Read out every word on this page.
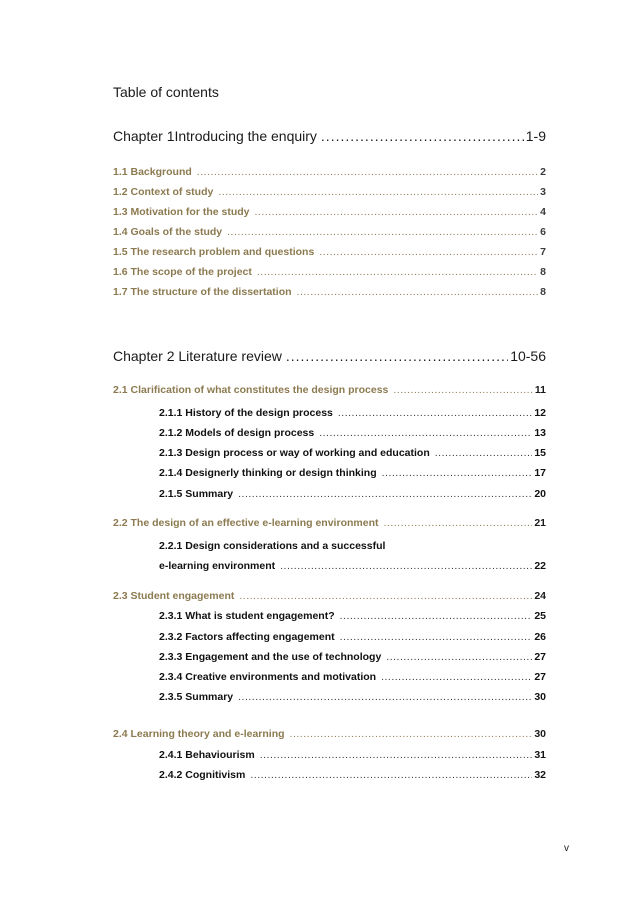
Table of contents
Chapter 1Introducing the enquiry .....	1-9
1.1 Background .....	2
1.2 Context of study .....	3
1.3 Motivation for the study .....	4
1.4 Goals of the study .....	6
1.5 The research problem and questions .....	7
1.6 The scope of the project .....	8
1.7 The structure of the dissertation .....	8
Chapter 2 Literature review .....	10-56
2.1 Clarification of what constitutes the design process .....	11
2.1.1 History of the design process .....	12
2.1.2 Models of design process .....	13
2.1.3 Design process or way of working and education .....	15
2.1.4 Designerly thinking or design thinking .....	17
2.1.5 Summary .....	20
2.2 The design of an effective e-learning environment .....	21
2.2.1 Design considerations and a successful
e-learning environment .....	22
2.3 Student engagement .....	24
2.3.1 What is student engagement? .....	25
2.3.2 Factors affecting engagement .....	26
2.3.3 Engagement and the use of technology .....	27
2.3.4 Creative environments and motivation .....	27
2.3.5 Summary .....	30
2.4 Learning theory and e-learning .....	30
2.4.1 Behaviourism .....	31
2.4.2 Cognitivism .....	32
v
